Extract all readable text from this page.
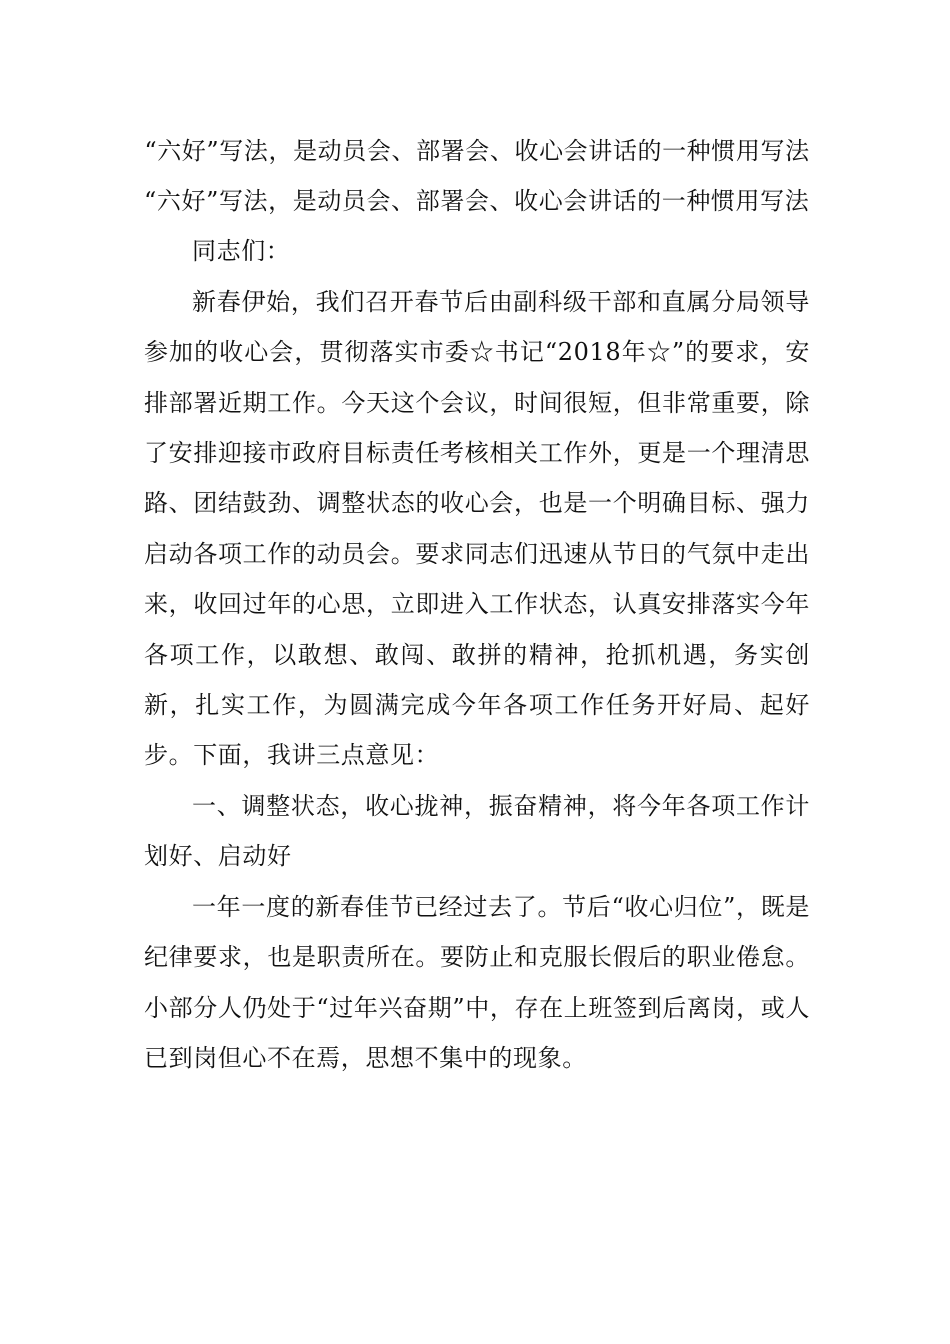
“六好”写法，是动员会、部署会、收心会讲话的一种惯用写法

“六好”写法，是动员会、部署会、收心会讲话的一种惯用写法

同志们：

新春伊始，我们召开春节后由副科级干部和直属分局领导参加的收心会，贯彻落实市委☆书记“2018年☆”的要求，安排部署近期工作。今天这个会议，时间很短，但非常重要，除了安排迎接市政府目标责任考核相关工作外，更是一个理清思路、团结鼓劲、调整状态的收心会，也是一个明确目标、强力启动各项工作的动员会。要求同志们迅速从节日的气氛中走出来，收回过年的心思，立即进入工作状态，认真安排落实今年各项工作，以敢想、敢闯、敢拼的精神，抢抓机遇，务实创新，扎实工作，为圆满完成今年各项工作任务开好局、起好步。下面，我讲三点意见：

一、调整状态，收心拢神，振奋精神，将今年各项工作计划好、启动好

一年一度的新春佳节已经过去了。节后“收心归位”，既是纪律要求，也是职责所在。要防止和克服长假后的职业倦怠。小部分人仍处于“过年兴奋期”中，存在上班签到后离岗，或人已到岗但心不在焉，思想不集中的现象。
